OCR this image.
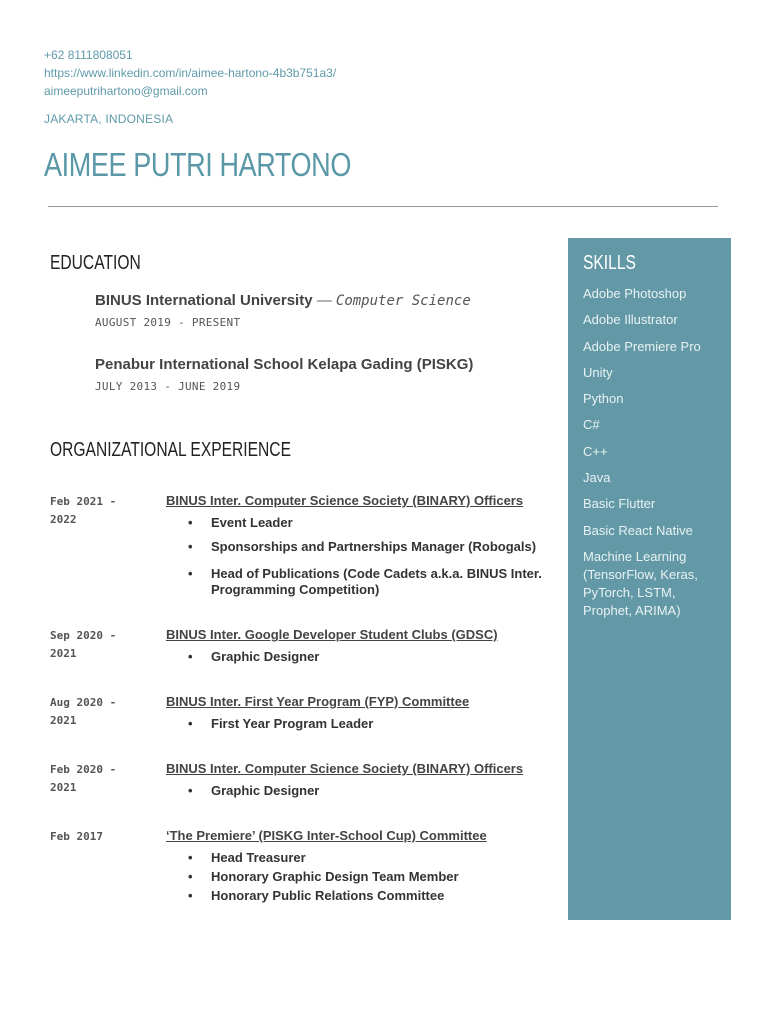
+62 8111808051
https://www.linkedin.com/in/aimee-hartono-4b3b751a3/
aimeeputrihartono@gmail.com
JAKARTA, INDONESIA
AIMEE PUTRI HARTONO
EDUCATION
BINUS International University — Computer Science
AUGUST 2019 - PRESENT
Penabur International School Kelapa Gading (PISKG)
JULY 2013 - JUNE 2019
ORGANIZATIONAL EXPERIENCE
Feb 2021 - 2022
BINUS Inter. Computer Science Society (BINARY) Officers
• Event Leader
• Sponsorships and Partnerships Manager (Robogals)
• Head of Publications (Code Cadets a.k.a. BINUS Inter. Programming Competition)
Sep 2020 - 2021
BINUS Inter. Google Developer Student Clubs (GDSC)
• Graphic Designer
Aug 2020 - 2021
BINUS Inter. First Year Program (FYP) Committee
• First Year Program Leader
Feb 2020 - 2021
BINUS Inter. Computer Science Society (BINARY) Officers
• Graphic Designer
Feb 2017	‘The Premiere’ (PISKG Inter-School Cup) Committee
• Head Treasurer
• Honorary Graphic Design Team Member
• Honorary Public Relations Committee
SKILLS
Adobe Photoshop
Adobe Illustrator
Adobe Premiere Pro
Unity
Python
C#
C++
Java
Basic Flutter
Basic React Native
Machine Learning (TensorFlow, Keras, PyTorch, LSTM, Prophet, ARIMA)
